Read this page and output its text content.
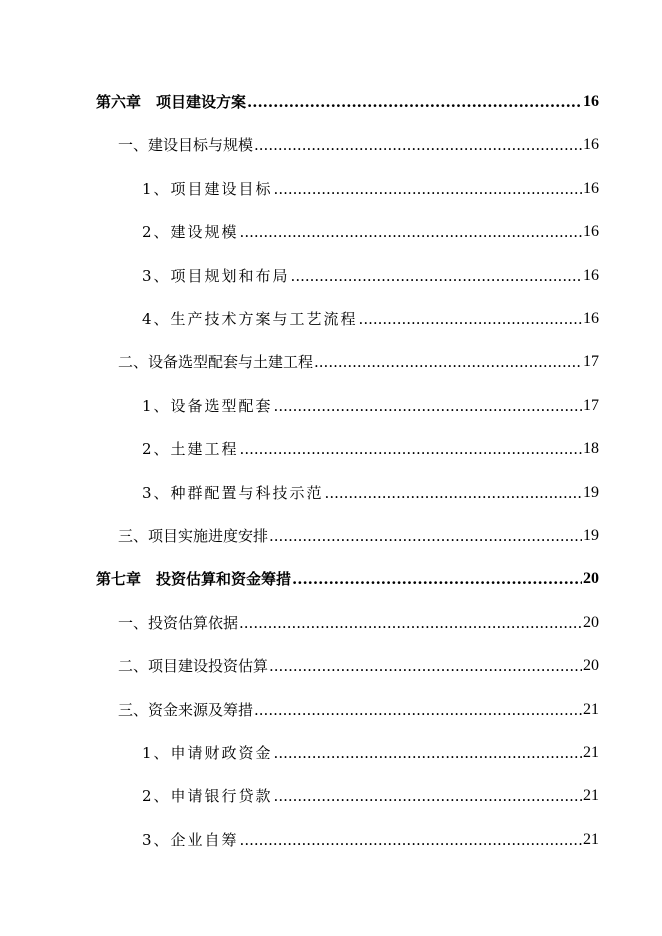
第六章　项目建设方案 .....	16
一、建设目标与规模 .....	16
1、项目建设目标 .....	16
2、建设规模 .....	16
3、项目规划和布局 .....	16
4、生产技术方案与工艺流程 .....	16
二、设备选型配套与土建工程 .....	17
1、设备选型配套 .....	17
2、土建工程 .....	18
3、种群配置与科技示范 .....	19
三、项目实施进度安排 .....	19
第七章　投资估算和资金筹措 .....	20
一、投资估算依据 .....	20
二、项目建设投资估算 .....	20
三、资金来源及筹措 .....	21
1、申请财政资金 .....	21
2、申请银行贷款 .....	21
3、企业自筹 .....	21
